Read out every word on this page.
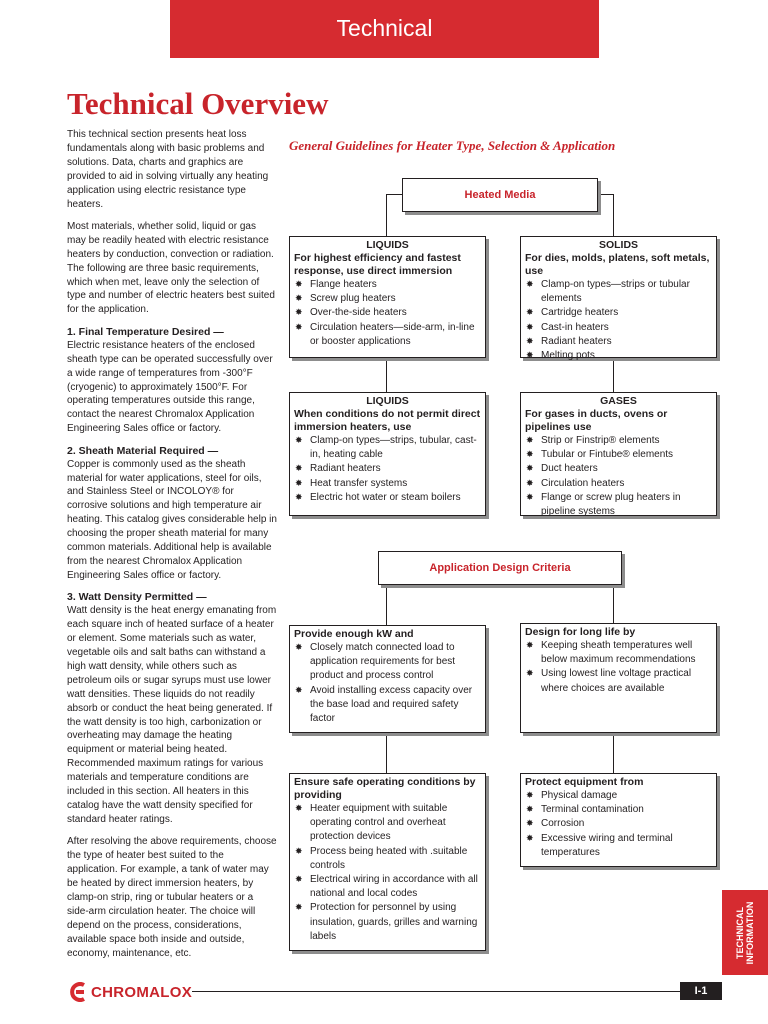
Technical
Technical Overview

This technical section presents heat loss fundamentals along with basic problems and solutions. Data, charts and graphics are provided to aid in solving virtually any heating application using electric resistance type heaters.

Most materials, whether solid, liquid or gas may be readily heated with electric resistance heaters by conduction, convection or radiation. The following are three basic requirements, which when met, leave only the selection of type and number of electric heaters best suited for the application.

1. Final Temperature Desired —

Electric resistance heaters of the enclosed sheath type can be operated successfully over a wide range of temperatures from -300°F (cryogenic) to approximately 1500°F. For operating temperatures outside this range, contact the nearest Chromalox Application Engineering Sales office or factory.

2. Sheath Material Required —

Copper is commonly used as the sheath material for water applications, steel for oils, and Stainless Steel or INCOLOY® for corrosive solutions and high temperature air heating. This catalog gives considerable help in choosing the proper sheath material for many common materials. Additional help is available from the nearest Chromalox Application Engineering Sales office or factory.

3. Watt Density Permitted —

Watt density is the heat energy emanating from each square inch of heated surface of a heater or element. Some materials such as water, vegetable oils and salt baths can withstand a high watt density, while others such as petroleum oils or sugar syrups must use lower watt densities. These liquids do not readily absorb or conduct the heat being generated. If the watt density is too high, carbonization or overheating may damage the heating equipment or material being heated. Recommended maximum ratings for various materials and temperature conditions are included in this section. All heaters in this catalog have the watt density specified for standard heater ratings.

After resolving the above requirements, choose the type of heater best suited to the application. For example, a tank of water may be heated by direct immersion heaters, by clamp-on strip, ring or tubular heaters or a side-arm circulation heater. The choice will depend on the process, considerations, available space both inside and outside, economy, maintenance, etc.

General Guidelines for Heater Type, Selection & Application
Heated Media
LIQUIDS
For highest efficiency and fastest response, use direct immersion
✸ Flange heaters
✸ Screw plug heaters
✸ Over-the-side heaters
✸ Circulation heaters—side-arm, in-line or booster applications
SOLIDS
For dies, molds, platens, soft metals, use
✸ Clamp-on types—strips or tubular elements
✸ Cartridge heaters
✸ Cast-in heaters
✸ Radiant heaters
✸ Melting pots
LIQUIDS
When conditions do not permit direct immersion heaters, use
✸ Clamp-on types—strips, tubular, cast-in, heating cable
✸ Radiant heaters
✸ Heat transfer systems
✸ Electric hot water or steam boilers
GASES
For gases in ducts, ovens or pipelines use
✸ Strip or Finstrip® elements
✸ Tubular or Fintube® elements
✸ Duct heaters
✸ Circulation heaters
✸ Flange or screw plug heaters in pipeline systems
Application Design Criteria
Provide enough kW and
✸ Closely match connected load to application requirements for best product and process control
✸ Avoid installing excess capacity over the base load and required safety factor
Design for long life by
✸ Keeping sheath temperatures well below maximum recommendations
✸ Using lowest line voltage practical where choices are available
Ensure safe operating conditions by providing
✸ Heater equipment with suitable operating control and overheat protection devices
✸ Process being heated with .suitable controls
✸ Electrical wiring in accordance with all national and local codes
✸ Protection for personnel by using insulation, guards, grilles and warning labels
Protect equipment from
✸ Physical damage
✸ Terminal contamination
✸ Corrosion
✸ Excessive wiring and terminal temperatures
TECHNICAL INFORMATION
CHROMALOX	I-1
